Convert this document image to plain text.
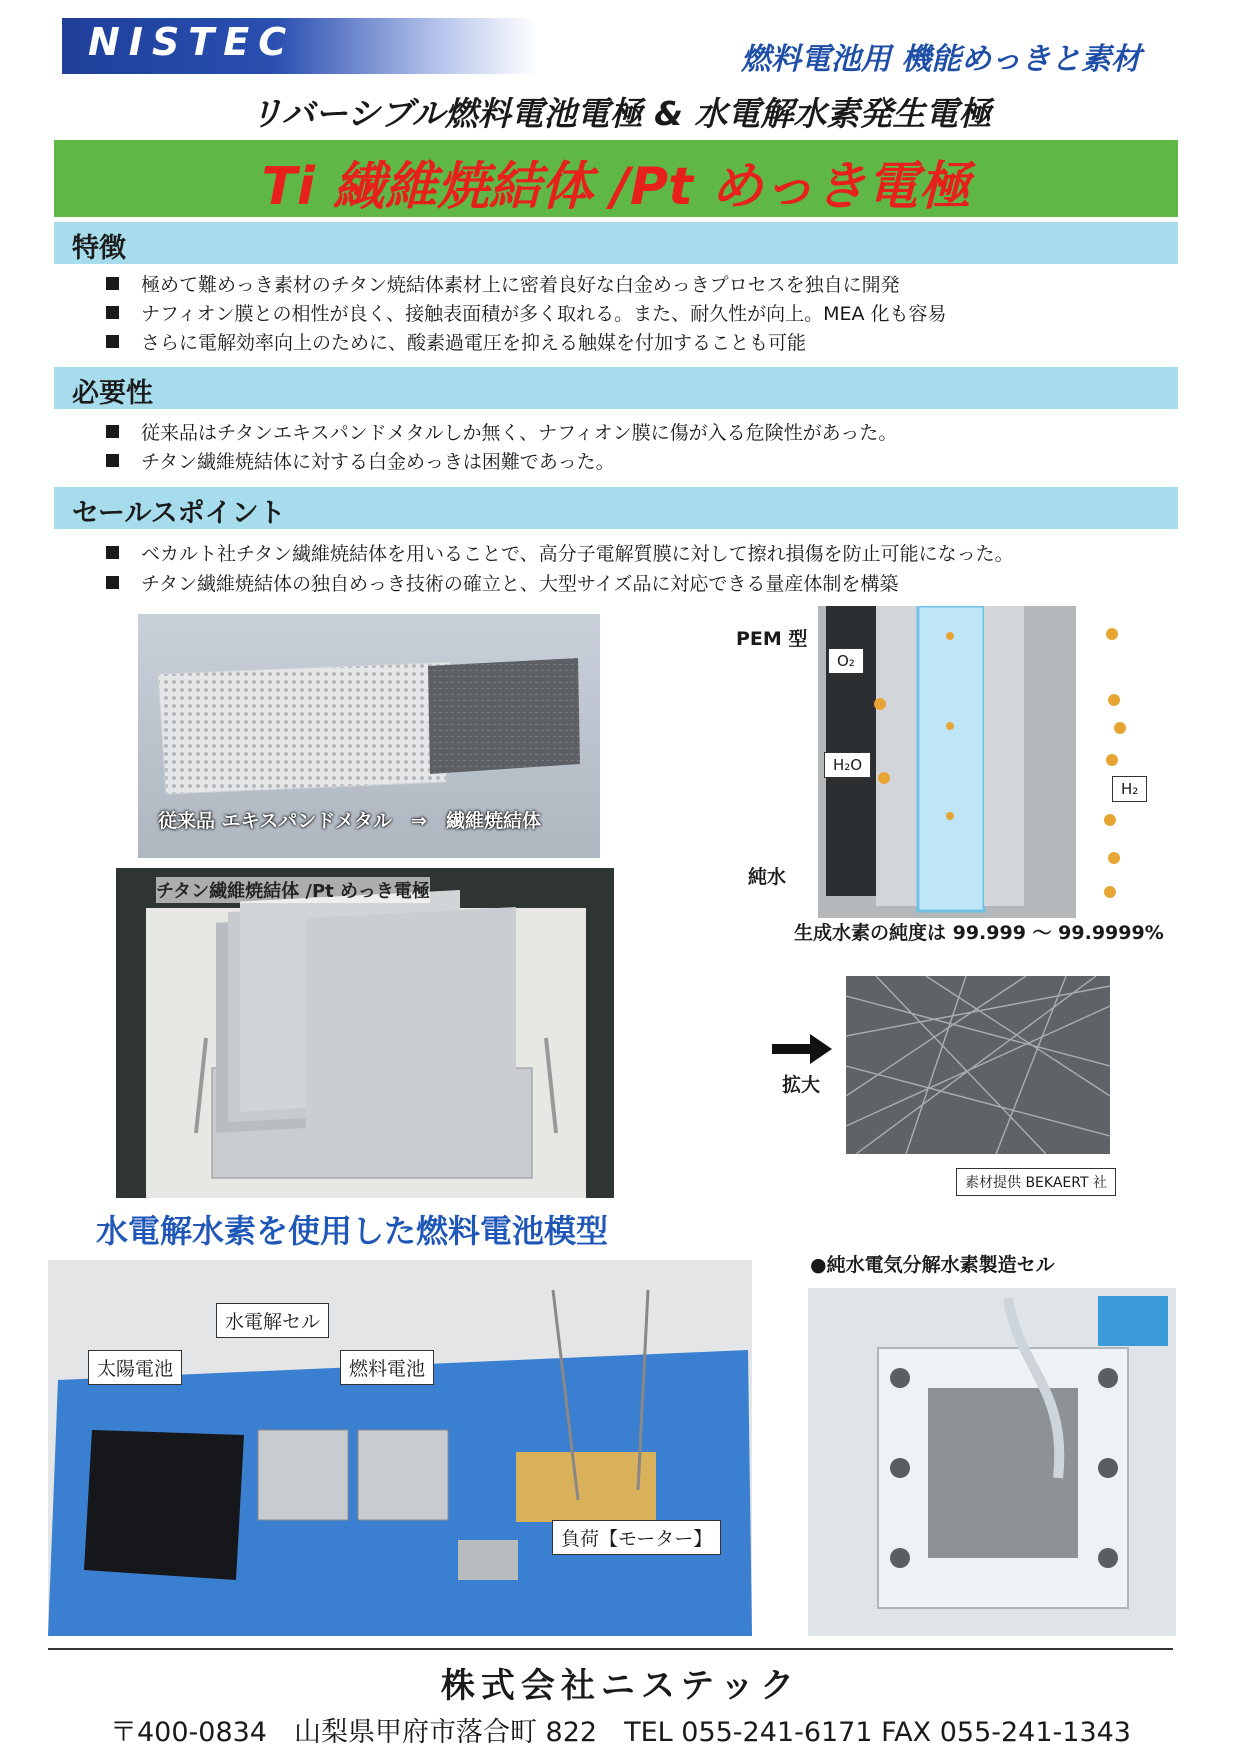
NISTEC	燃料電池用 機能めっきと素材
リバーシブル燃料電池電極 & 水電解水素発生電極
Ti 繊維焼結体 /Pt めっき電極
特徴
極めて難めっき素材のチタン焼結体素材上に密着良好な白金めっきプロセスを独自に開発
ナフィオン膜との相性が良く、接触表面積が多く取れる。また、耐久性が向上。MEA 化も容易
さらに電解効率向上のために、酸素過電圧を抑える触媒を付加することも可能
必要性
従来品はチタンエキスパンドメタルしか無く、ナフィオン膜に傷が入る危険性があった。
チタン繊維焼結体に対する白金めっきは困難であった。
セールスポイント
ベカルト社チタン繊維焼結体を用いることで、高分子電解質膜に対して擦れ損傷を防止可能になった。
チタン繊維焼結体の独自めっき技術の確立と、大型サイズ品に対応できる量産体制を構築
従来品 エキスパンドメタル　⇒　繊維焼結体
チタン繊維焼結体 /Pt めっき電極
PEM 型
O₂
H₂O
H₂
純水
生成水素の純度は 99.999 ～ 99.9999%
拡大
素材提供 BEKAERT 社
水電解水素を使用した燃料電池模型
水電解セル
太陽電池	燃料電池
負荷【モーター】
●純水電気分解水素製造セル
株式会社ニステック
〒400-0834　山梨県甲府市落合町 822　TEL 055-241-6171 FAX 055-241-1343
